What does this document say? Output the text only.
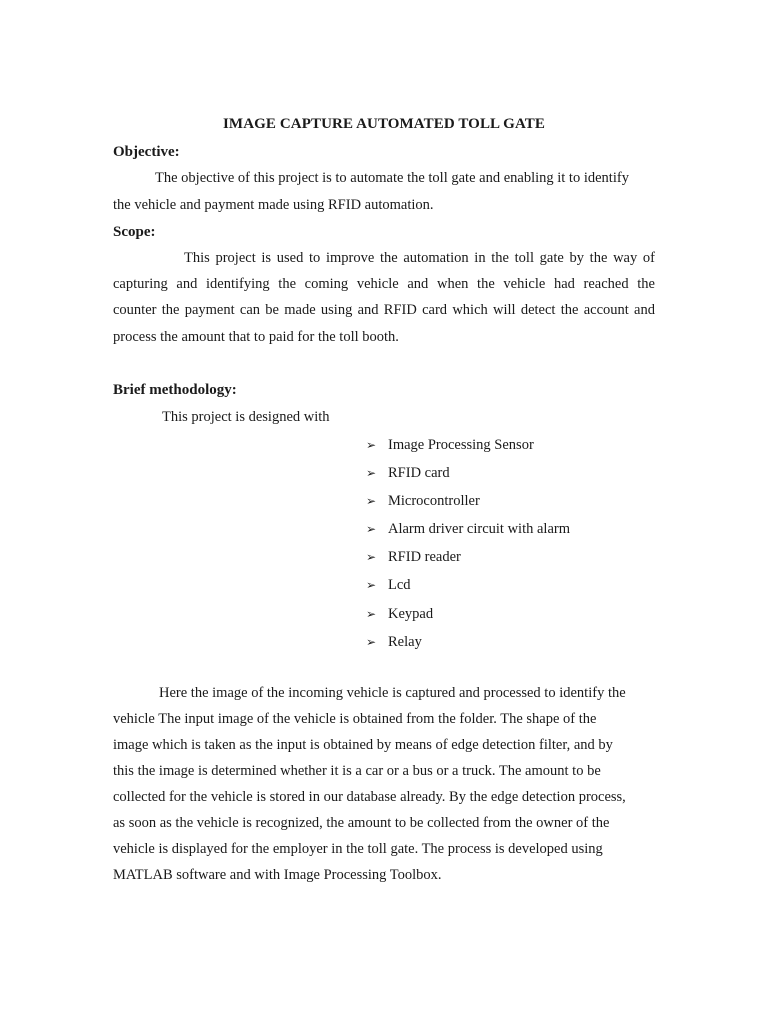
IMAGE CAPTURE AUTOMATED TOLL GATE
Objective:
The objective of this project is to automate the toll gate and enabling it to identify
the vehicle and payment made using RFID automation.
Scope:
This project is used to improve the automation in the toll gate by the way of
capturing and identifying the coming vehicle and when the vehicle had reached the
counter the payment can be made using and RFID card which will detect the account and
process the amount that to paid for the toll booth.
Brief methodology:
This project is designed with
➢ Image Processing Sensor
➢ RFID card
➢ Microcontroller
➢ Alarm driver circuit with alarm
➢ RFID reader
➢ Lcd
➢ Keypad
➢ Relay
Here the image of the incoming vehicle is captured and processed to identify the
vehicle The input image of the vehicle is obtained from the folder. The shape of the
image which is taken as the input is obtained by means of edge detection filter, and by
this the image is determined whether it is a car or a bus or a truck. The amount to be
collected for the vehicle is stored in our database already. By the edge detection process,
as soon as the vehicle is recognized, the amount to be collected from the owner of the
vehicle is displayed for the employer in the toll gate. The process is developed using
MATLAB software and with Image Processing Toolbox.
